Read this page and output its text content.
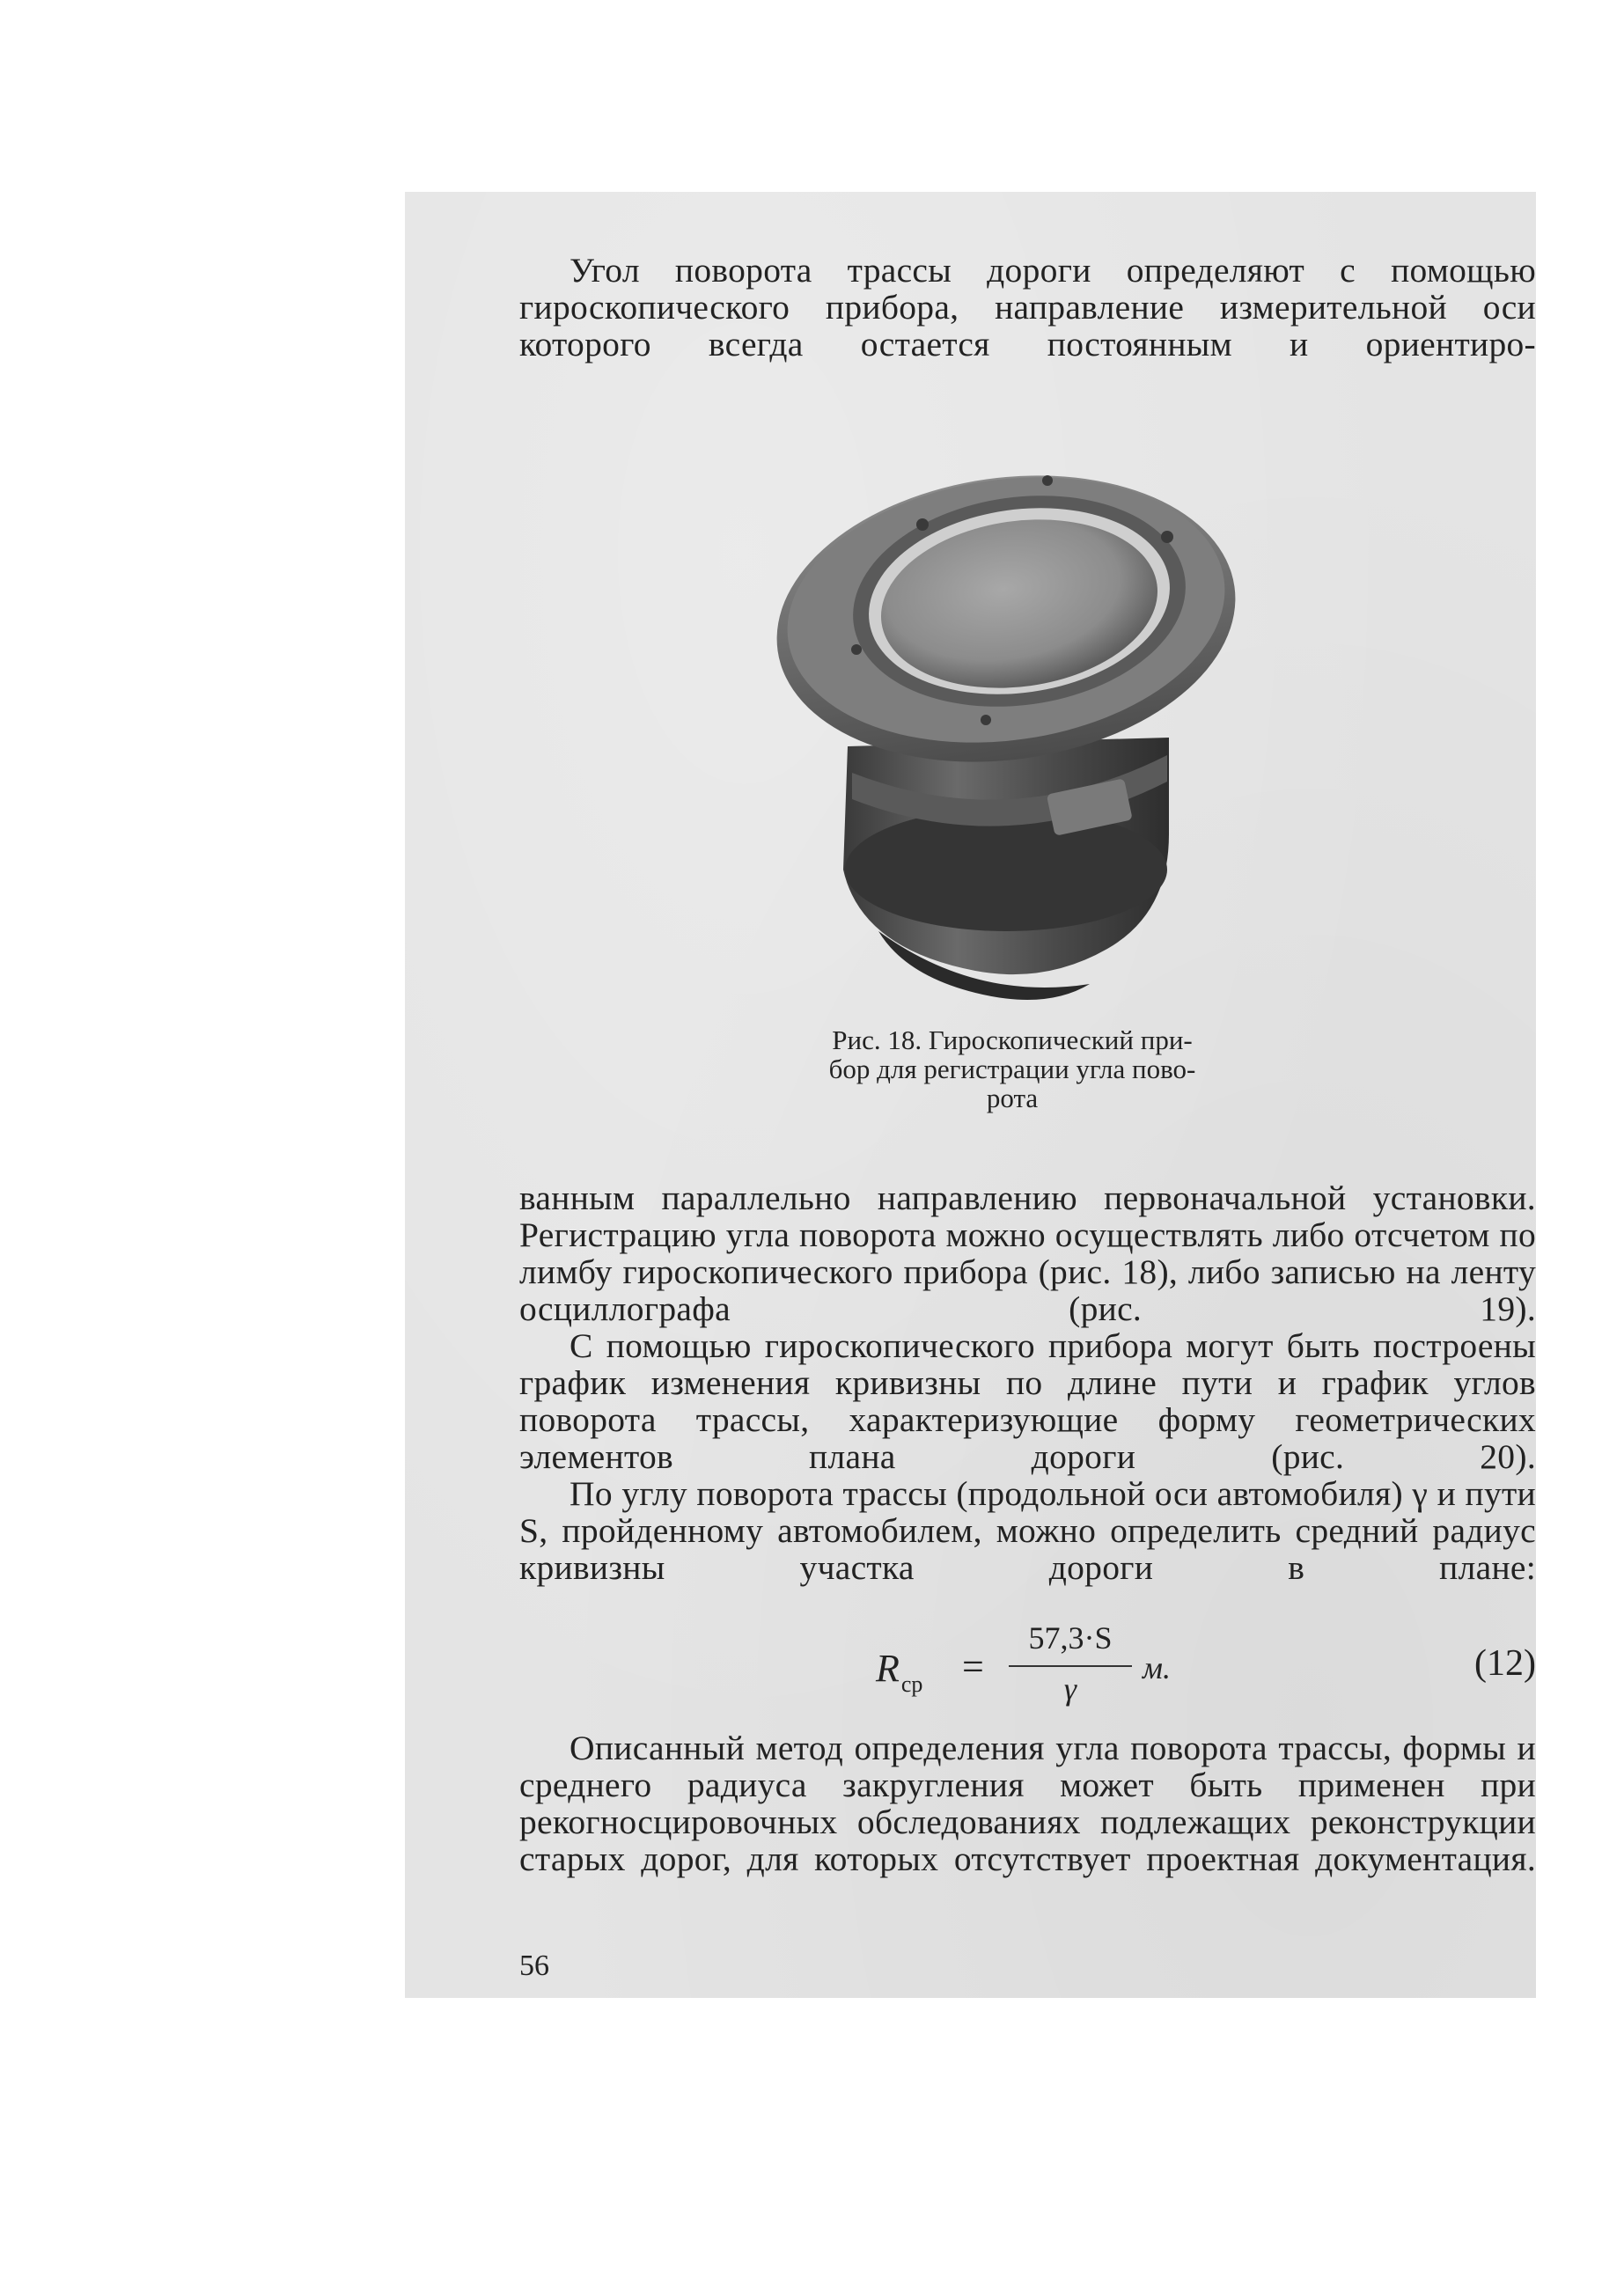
Угол поворота трассы дороги определяют с помощью гироскопического прибора, направление измерительной оси которого всегда остается постоянным и ориентиро-

Рис. 18. Гироскопический при-
бор для регистрации угла пово-
рота

ванным параллельно направлению первоначальной установки. Регистрацию угла поворота можно осуществлять либо отсчетом по лимбу гироскопического прибора (рис. 18), либо записью на ленту осциллографа (рис. 19).

С помощью гироскопического прибора могут быть построены график изменения кривизны по длине пути и график углов поворота трассы, характеризующие форму геометрических элементов плана дороги (рис. 20).

По углу поворота трассы (продольной оси автомобиля) γ и пути S, пройденному автомобилем, можно определить средний радиус кривизны участка дороги в плане:

$R_{ср}$ =
57,3·S
γ
м.	(12)

Описанный метод определения угла поворота трассы, формы и среднего радиуса закругления может быть применен при рекогносцировочных обследованиях подлежащих реконструкции старых дорог, для которых отсутствует проектная документация.

56
